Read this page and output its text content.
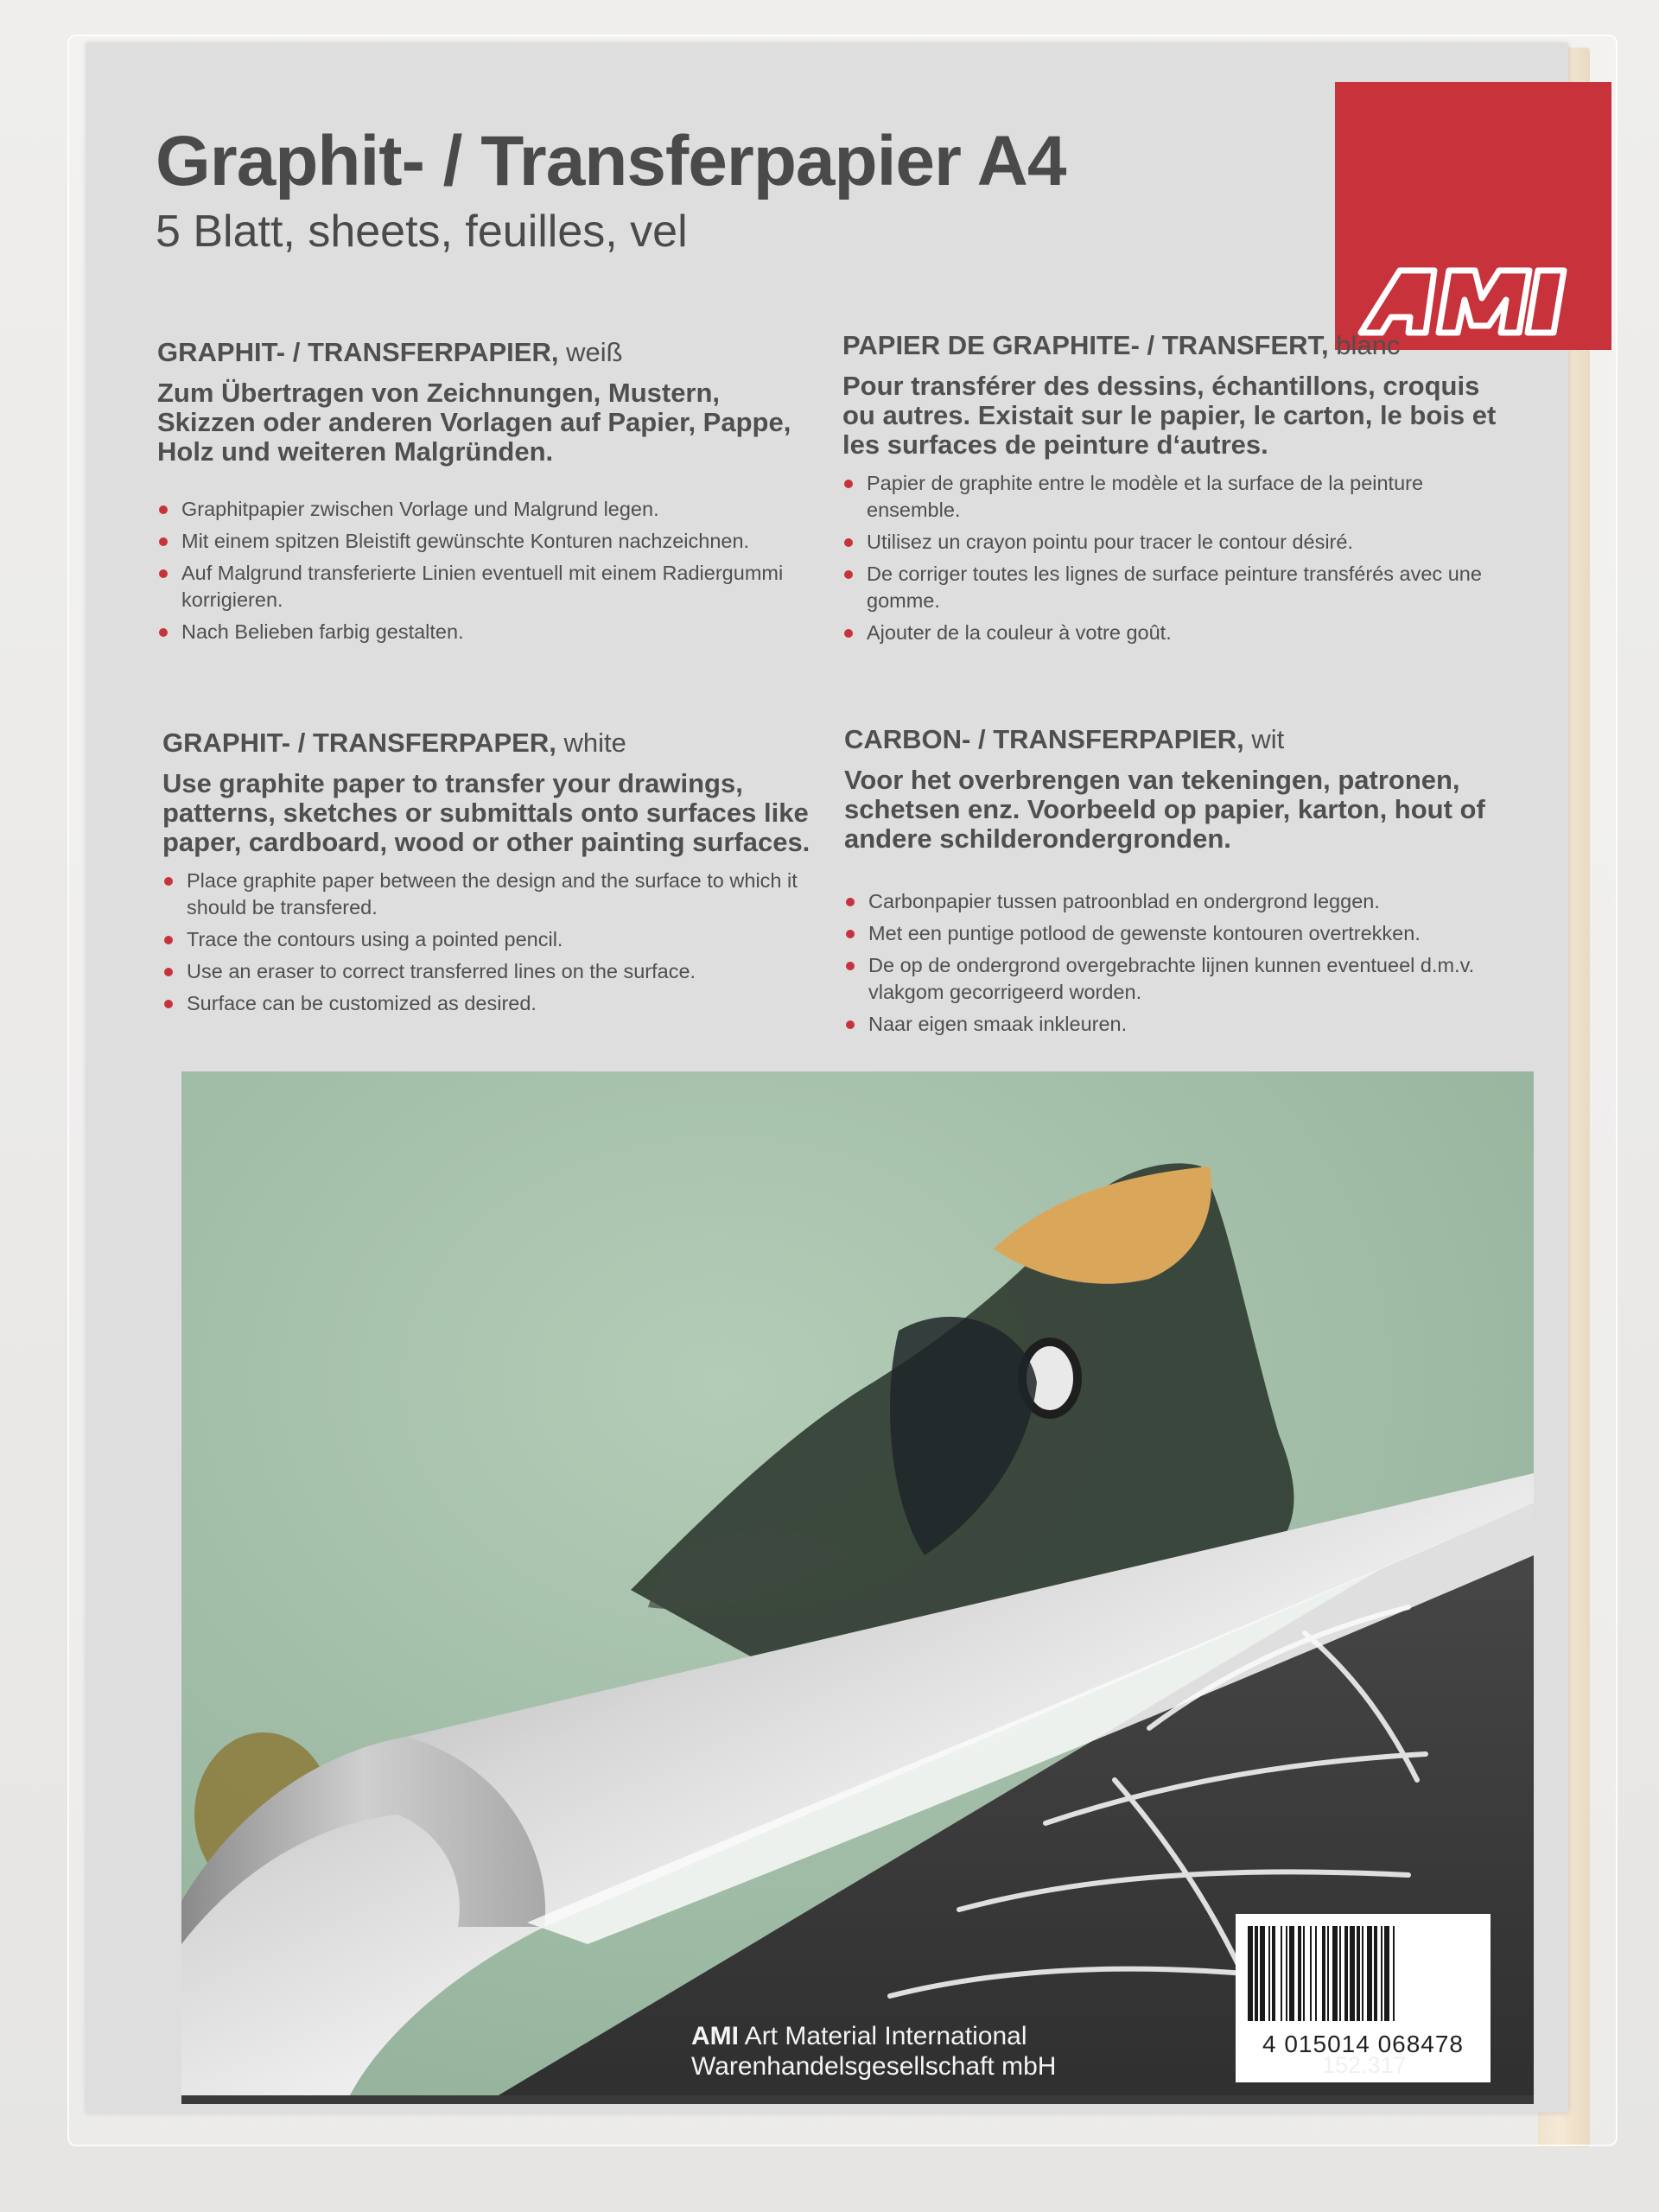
Graphit- / Transferpapier A4

5 Blatt, sheets, feuilles, vel

GRAPHIT- / TRANSFERPAPIER, weiß

Zum Übertragen von Zeichnungen, Mustern, Skizzen oder anderen Vorlagen auf Papier, Pappe, Holz und weiteren Malgründen.

Graphitpapier zwischen Vorlage und Malgrund legen.
Mit einem spitzen Bleistift gewünschte Konturen nachzeichnen.
Auf Malgrund transferierte Linien eventuell mit einem Radiergummi korrigieren.
Nach Belieben farbig gestalten.

PAPIER DE GRAPHITE- / TRANSFERT, blanc

Pour transférer des dessins, échantillons, croquis ou autres. Existait sur le papier, le carton, le bois et les surfaces de peinture d‘autres.

Papier de graphite entre le modèle et la surface de la peinture ensemble.
Utilisez un crayon pointu pour tracer le contour désiré.
De corriger toutes les lignes de surface peinture transférés avec une gomme.
Ajouter de la couleur à votre goût.

GRAPHIT- / TRANSFERPAPER, white

Use graphite paper to transfer your drawings, patterns, sketches or submittals onto surfaces like paper, cardboard, wood or other painting surfaces.

Place graphite paper between the design and the surface to which it should be transfered.
Trace the contours using a pointed pencil.
Use an eraser to correct transferred lines on the surface.
Surface can be customized as desired.

CARBON- / TRANSFERPAPIER, wit

Voor het overbrengen van tekeningen, patronen, schetsen enz. Voorbeeld op papier, karton, hout of andere schilderondergronden.

Carbonpapier tussen patroonblad en ondergrond leggen.
Met een puntige potlood de gewenste kontouren overtrekken.
De op de ondergrond overgebrachte lijnen kunnen eventueel d.m.v. vlakgom gecorrigeerd worden.
Naar eigen smaak inkleuren.

AMI Art Material International

Warenhandelsgesellschaft mbH

4 015014 068478

152.317
